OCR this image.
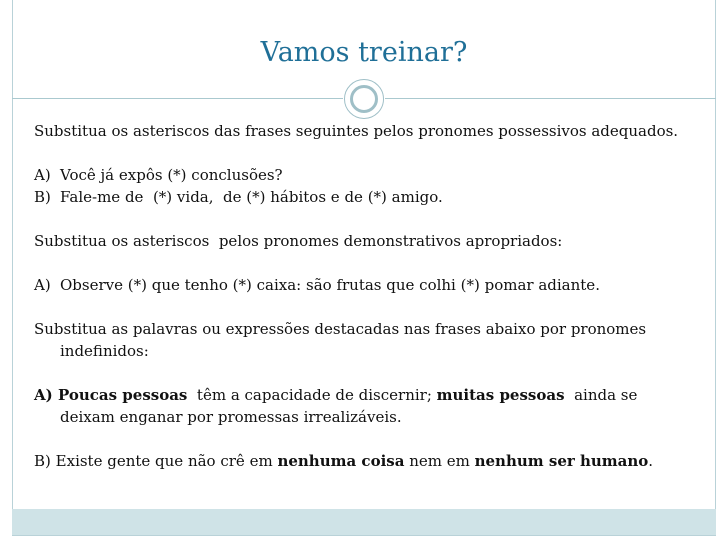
Vamos treinar?

Substitua os asteriscos das frases seguintes pelos pronomes possessivos adequados.

A) Você já expôs (*) conclusões?
B) Fale-me de  (*) vida,  de (*) hábitos e de (*) amigo.

Substitua os asteriscos  pelos pronomes demonstrativos apropriados:

A) Observe (*) que tenho (*) caixa: são frutas que colhi (*) pomar adiante.

Substitua as palavras ou expressões destacadas nas frases abaixo por pronomes indefinidos:

A) Poucas pessoas  têm a capacidade de discernir; muitas pessoas  ainda se deixam enganar por promessas irrealizáveis.

B) Existe gente que não crê em nenhuma coisa nem em nenhum ser humano.
